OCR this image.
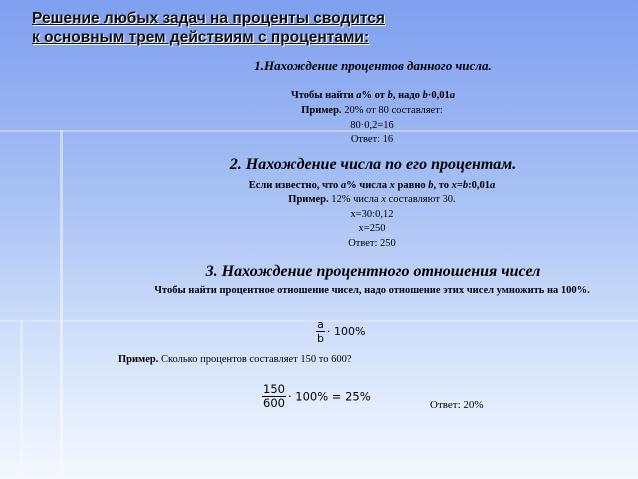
Решение любых задач на проценты сводится
к основным трем действиям с процентами:
1.Нахождение процентов данного числа.
Чтобы найти a% от b, надо b·0,01a
Пример. 20% от 80 составляет:
80·0,2=16
Ответ: 16
2. Нахождение числа по его процентам.
Если известно, что a% числа x равно b, то x=b:0,01a
Пример. 12% числа x составляют 30.
x=30:0,12
x=250
Ответ: 250
3. Нахождение процентного отношения чисел
Чтобы найти процентное отношение чисел, надо отношение этих чисел умножить на 100%.
$\frac{a}{b} \cdot 100\%$
Пример. Сколько процентов составляет 150 то 600?
$\frac{150}{600} \cdot 100\% = 25\%$
Ответ: 20%
